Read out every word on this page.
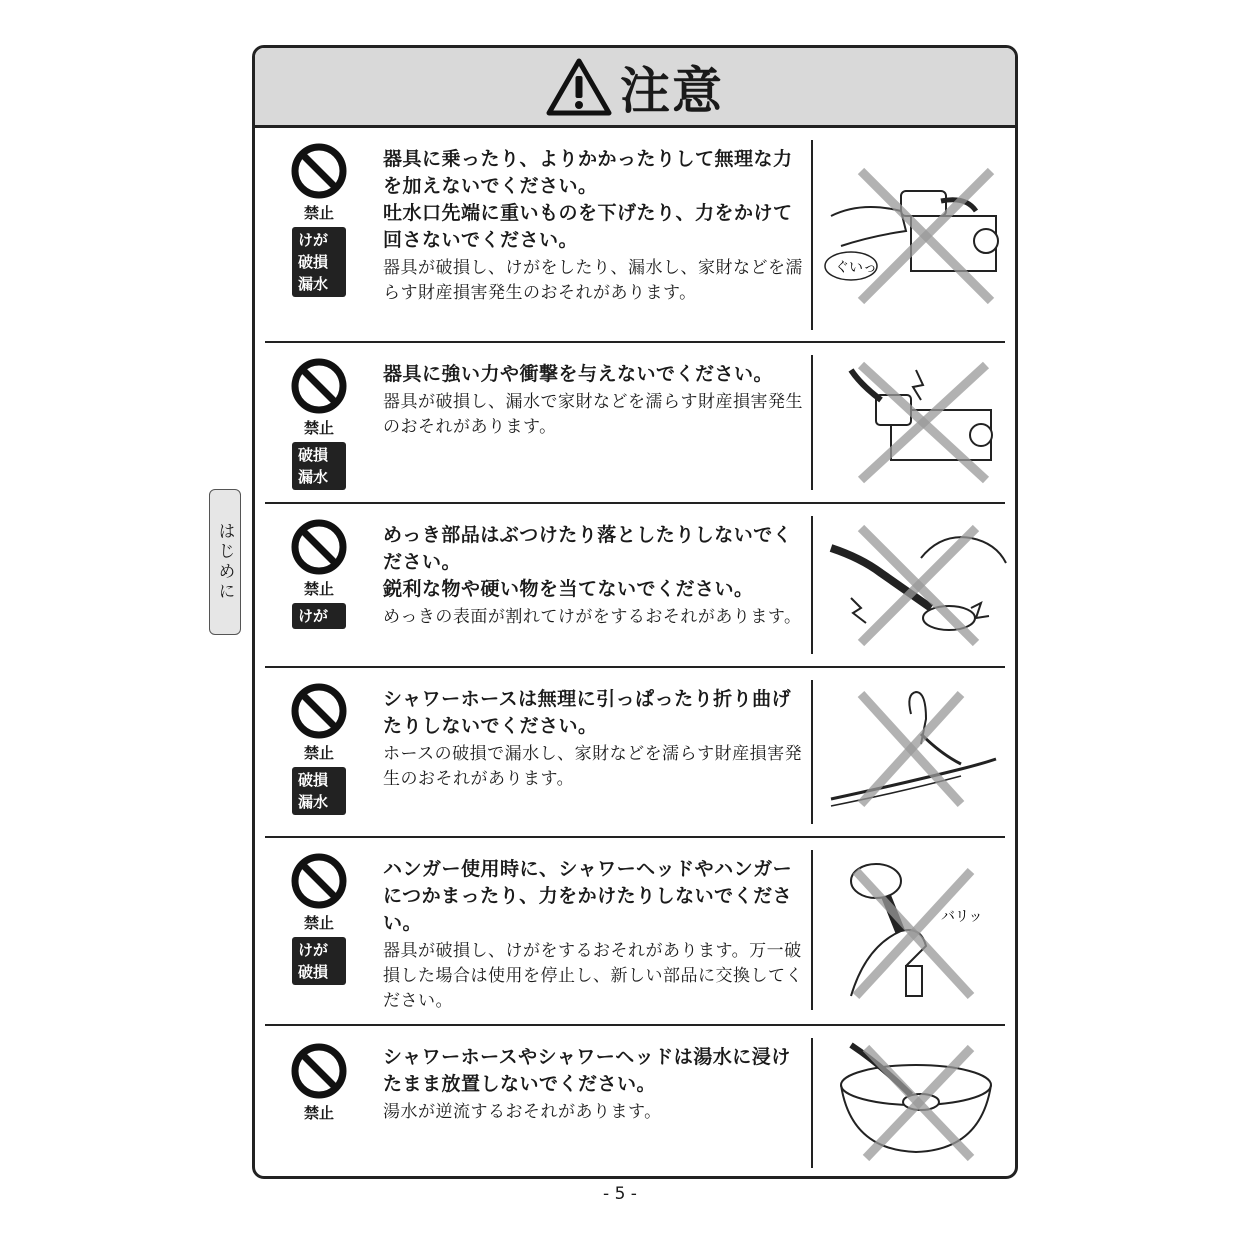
はじめに
注意
禁止
けが
破損
漏水

器具に乗ったり、よりかかったりして無理な力を加えないでください。

吐水口先端に重いものを下げたり、力をかけて回さないでください。

器具が破損し、けがをしたり、漏水し、家財などを濡らす財産損害発生のおそれがあります。

ぐいっ
禁止
破損
漏水

器具に強い力や衝撃を与えないでください。

器具が破損し、漏水で家財などを濡らす財産損害発生のおそれがあります。

禁止
けが

めっき部品はぶつけたり落としたりしないでください。

鋭利な物や硬い物を当てないでください。

めっきの表面が割れてけがをするおそれがあります。

禁止
破損
漏水

シャワーホースは無理に引っぱったり折り曲げたりしないでください。

ホースの破損で漏水し、家財などを濡らす財産損害発生のおそれがあります。

禁止
けが
破損

ハンガー使用時に、シャワーヘッドやハンガーにつかまったり、力をかけたりしないでください。

器具が破損し、けがをするおそれがあります。万一破損した場合は使用を停止し、新しい部品に交換してください。

バリッ
禁止

シャワーホースやシャワーヘッドは湯水に浸けたまま放置しないでください。

湯水が逆流するおそれがあります。

- 5 -
